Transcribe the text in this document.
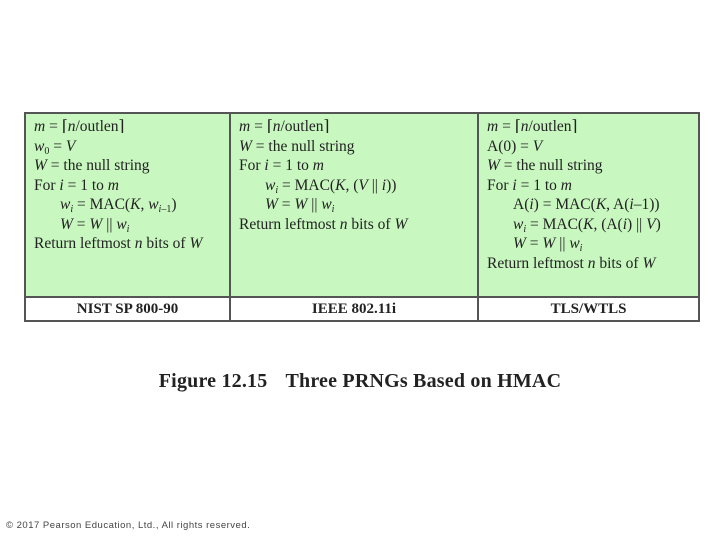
m = ⌈n/outlen⌉
$w_0 = V$
W = the null string
For i = 1 to m
$w_i = MAC(K$, $w_{i-1}$)
W = W || $w_i$
Return leftmost n bits of W
m = ⌈n/outlen⌉
W = the null string
For i = 1 to m
$w_i = MAC(K$, (V || i))
W = W || $w_i$
Return leftmost n bits of W
m = ⌈n/outlen⌉
A(0) = V
W = the null string
For i = 1 to m
A(i) = MAC(K, A(i–1))
$w_i = MAC(K$, (A(i) || V)
W = W || $w_i$
Return leftmost n bits of W
NIST SP 800-90	IEEE 802.11i	TLS/WTLS
Figure 12.15 Three PRNGs Based on HMAC
© 2017 Pearson Education, Ltd., All rights reserved.
